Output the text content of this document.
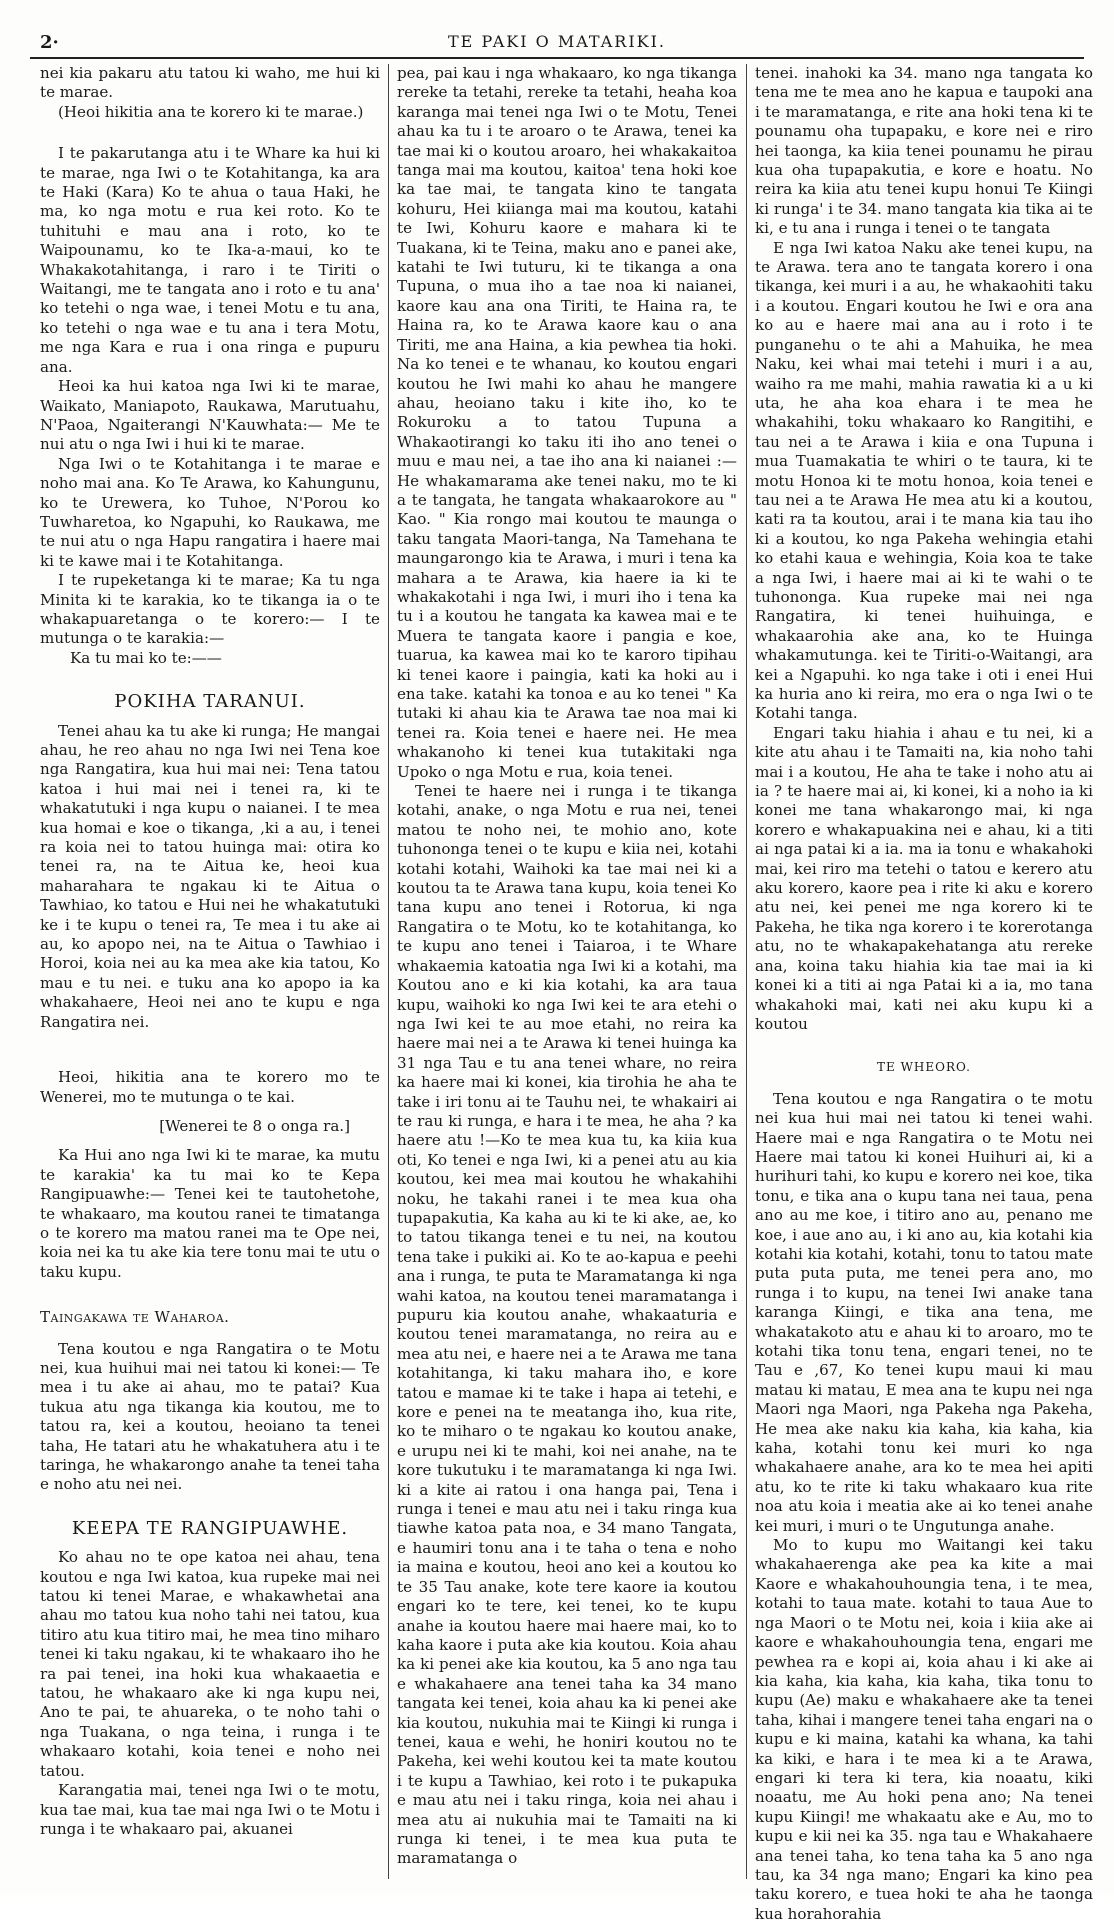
2·	TE PAKI O MATARIKI.

nei kia pakaru atu tatou ki waho, me hui ki te marae.

(Heoi hikitia ana te korero ki te marae.)

I te pakarutanga atu i te Whare ka hui ki te marae, nga Iwi o te Kotahitanga, ka ara te Haki (Kara) Ko te ahua o taua Haki, he ma, ko nga motu e rua kei roto. Ko te tuhituhi e mau ana i roto, ko te Waipounamu, ko te Ika-a-maui, ko te Whakakotahitanga, i raro i te Tiriti o Waitangi, me te tangata ano i roto e tu ana' ko tetehi o nga wae, i tenei Motu e tu ana, ko tetehi o nga wae e tu ana i tera Motu, me nga Kara e rua i ona ringa e pupuru ana.

Heoi ka hui katoa nga Iwi ki te marae, Waikato, Maniapoto, Raukawa, Marutuahu, N'Paoa, Ngaiterangi N'Kauwhata:— Me te nui atu o nga Iwi i hui ki te marae.

Nga Iwi o te Kotahitanga i te marae e noho mai ana. Ko Te Arawa, ko Kahungunu, ko te Urewera, ko Tuhoe, N'Porou ko Tuwharetoa, ko Ngapuhi, ko Raukawa, me te nui atu o nga Hapu rangatira i haere mai ki te kawe mai i te Kotahitanga.

I te rupeketanga ki te marae; Ka tu nga Minita ki te karakia, ko te tikanga ia o te whakapuaretanga o te korero:— I te mutunga o te karakia:—

Ka tu mai ko te:——

POKIHA TARANUI.

Tenei ahau ka tu ake ki runga; He mangai ahau, he reo ahau no nga Iwi nei Tena koe nga Rangatira, kua hui mai nei: Tena tatou katoa i hui mai nei i tenei ra, ki te whakatutuki i nga kupu o naianei. I te mea kua homai e koe o tikanga, ,ki a au, i tenei ra koia nei to tatou huinga mai: otira ko tenei ra, na te Aitua ke, heoi kua maharahara te ngakau ki te Aitua o Tawhiao, ko tatou e Hui nei he whakatutuki ke i te kupu o tenei ra, Te mea i tu ake ai au, ko apopo nei, na te Aitua o Tawhiao i Horoi, koia nei au ka mea ake kia tatou, Ko mau e tu nei. e tuku ana ko apopo ia ka whakahaere, Heoi nei ano te kupu e nga Rangatira nei.

Heoi, hikitia ana te korero mo te Wenerei, mo te mutunga o te kai.

[Wenerei te 8 o onga ra.]

Ka Hui ano nga Iwi ki te marae, ka mutu te karakia' ka tu mai ko te Kepa Rangipuawhe:— Tenei kei te tautohetohe, te whakaaro, ma koutou ranei te timatanga o te korero ma matou ranei ma te Ope nei, koia nei ka tu ake kia tere tonu mai te utu o taku kupu.

Taingakawa te Waharoa.

Tena koutou e nga Rangatira o te Motu nei, kua huihui mai nei tatou ki konei:— Te mea i tu ake ai ahau, mo te patai? Kua tukua atu nga tikanga kia koutou, me to tatou ra, kei a koutou, heoiano ta tenei taha, He tatari atu he whakatuhera atu i te taringa, he whakarongo anahe ta tenei taha e noho atu nei nei.

KEEPA TE RANGIPUAWHE.

Ko ahau no te ope katoa nei ahau, tena koutou e nga Iwi katoa, kua rupeke mai nei tatou ki tenei Marae, e whakawhetai ana ahau mo tatou kua noho tahi nei tatou, kua titiro atu kua titiro mai, he mea tino miharo tenei ki taku ngakau, ki te whakaaro iho he ra pai tenei, ina hoki kua whakaaetia e tatou, he whakaaro ake ki nga kupu nei, Ano te pai, te ahuareka, o te noho tahi o nga Tuakana, o nga teina, i runga i te whakaaro kotahi, koia tenei e noho nei tatou.

Karangatia mai, tenei nga Iwi o te motu, kua tae mai, kua tae mai nga Iwi o te Motu i runga i te whakaaro pai, akuanei

pea, pai kau i nga whakaaro, ko nga tikanga rereke ta tetahi, rereke ta tetahi, heaha koa karanga mai tenei nga Iwi o te Motu, Tenei ahau ka tu i te aroaro o te Arawa, tenei ka tae mai ki o koutou aroaro, hei whakakaitoa tanga mai ma koutou, kaitoa' tena hoki koe ka tae mai, te tangata kino te tangata kohuru, Hei kiianga mai ma koutou, katahi te Iwi, Kohuru kaore e mahara ki te Tuakana, ki te Teina, maku ano e panei ake, katahi te Iwi tuturu, ki te tikanga a ona Tupuna, o mua iho a tae noa ki naianei, kaore kau ana ona Tiriti, te Haina ra, te Haina ra, ko te Arawa kaore kau o ana Tiriti, me ana Haina, a kia pewhea tia hoki. Na ko tenei e te whanau, ko koutou engari koutou he Iwi mahi ko ahau he mangere ahau, heoiano taku i kite iho, ko te Rokuroku a to tatou Tupuna a Whakaotirangi ko taku iti iho ano tenei o muu e mau nei, a tae iho ana ki naianei :— He whakamarama ake tenei naku, mo te ki a te tangata, he tangata whakaarokore au " Kao. " Kia rongo mai koutou te maunga o taku tangata Maori-tanga, Na Tamehana te maungarongo kia te Arawa, i muri i tena ka mahara a te Arawa, kia haere ia ki te whakakotahi i nga Iwi, i muri iho i tena ka tu i a koutou he tangata ka kawea mai e te Muera te tangata kaore i pangia e koe, tuarua, ka kawea mai ko te karoro tipihau ki tenei kaore i paingia, kati ka hoki au i ena take. katahi ka tonoa e au ko tenei " Ka tutaki ki ahau kia te Arawa tae noa mai ki tenei ra. Koia tenei e haere nei. He mea whakanoho ki tenei kua tutakitaki nga Upoko o nga Motu e rua, koia tenei.

Tenei te haere nei i runga i te tikanga kotahi, anake, o nga Motu e rua nei, tenei matou te noho nei, te mohio ano, kote tuhononga tenei o te kupu e kiia nei, kotahi kotahi kotahi, Waihoki ka tae mai nei ki a koutou ta te Arawa tana kupu, koia tenei Ko tana kupu ano tenei i Rotorua, ki nga Rangatira o te Motu, ko te kotahitanga, ko te kupu ano tenei i Taiaroa, i te Whare whakaemia katoatia nga Iwi ki a kotahi, ma Koutou ano e ki kia kotahi, ka ara taua kupu, waihoki ko nga Iwi kei te ara etehi o nga Iwi kei te au moe etahi, no reira ka haere mai nei a te Arawa ki tenei huinga ka 31 nga Tau e tu ana tenei whare, no reira ka haere mai ki konei, kia tirohia he aha te take i iri tonu ai te Tauhu nei, te whakairi ai te rau ki runga, e hara i te mea, he aha ? ka haere atu !—Ko te mea kua tu, ka kiia kua oti, Ko tenei e nga Iwi, ki a penei atu au kia koutou, kei mea mai koutou he whakahihi noku, he takahi ranei i te mea kua oha tupapakutia, Ka kaha au ki te ki ake, ae, ko to tatou tikanga tenei e tu nei, na koutou tena take i pukiki ai. Ko te ao-kapua e peehi ana i runga, te puta te Maramatanga ki nga wahi katoa, na koutou tenei maramatanga i pupuru kia koutou anahe, whakaaturia e koutou tenei maramatanga, no reira au e mea atu nei, e haere nei a te Arawa me tana kotahitanga, ki taku mahara iho, e kore tatou e mamae ki te take i hapa ai tetehi, e kore e penei na te meatanga iho, kua rite, ko te miharo o te ngakau ko koutou anake, e urupu nei ki te mahi, koi nei anahe, na te kore tukutuku i te maramatanga ki nga Iwi. ki a kite ai ratou i ona hanga pai, Tena i runga i tenei e mau atu nei i taku ringa kua tiawhe katoa pata noa, e 34 mano Tangata, e haumiri tonu ana i te taha o tena e noho ia maina e koutou, heoi ano kei a koutou ko te 35 Tau anake, kote tere kaore ia koutou engari ko te tere, kei tenei, ko te kupu anahe ia koutou haere mai haere mai, ko to kaha kaore i puta ake kia koutou. Koia ahau ka ki penei ake kia koutou, ka 5 ano nga tau e whakahaere ana tenei taha ka 34 mano tangata kei tenei, koia ahau ka ki penei ake kia koutou, nukuhia mai te Kiingi ki runga i tenei, kaua e wehi, he honiri koutou no te Pakeha, kei wehi koutou kei ta mate koutou i te kupu a Tawhiao, kei roto i te pukapuka e mau atu nei i taku ringa, koia nei ahau i mea atu ai nukuhia mai te Tamaiti na ki runga ki tenei, i te mea kua puta te maramatanga o

tenei. inahoki ka 34. mano nga tangata ko tena me te mea ano he kapua e taupoki ana i te maramatanga, e rite ana hoki tena ki te pounamu oha tupapaku, e kore nei e riro hei taonga, ka kiia tenei pounamu he pirau kua oha tupapakutia, e kore e hoatu. No reira ka kiia atu tenei kupu honui Te Kiingi ki runga' i te 34. mano tangata kia tika ai te ki, e tu ana i runga i tenei o te tangata

E nga Iwi katoa Naku ake tenei kupu, na te Arawa. tera ano te tangata korero i ona tikanga, kei muri i a au, he whakaohiti taku i a koutou. Engari koutou he Iwi e ora ana ko au e haere mai ana au i roto i te punganehu o te ahi a Mahuika, he mea Naku, kei whai mai tetehi i muri i a au, waiho ra me mahi, mahia rawatia ki a u ki uta, he aha koa ehara i te mea he whakahihi, toku whakaaro ko Rangitihi, e tau nei a te Arawa i kiia e ona Tupuna i mua Tuamakatia te whiri o te taura, ki te motu Honoa ki te motu honoa, koia tenei e tau nei a te Arawa He mea atu ki a koutou, kati ra ta koutou, arai i te mana kia tau iho ki a koutou, ko nga Pakeha wehingia etahi ko etahi kaua e wehingia, Koia koa te take a nga Iwi, i haere mai ai ki te wahi o te tuhononga. Kua rupeke mai nei nga Rangatira, ki tenei huihuinga, e whakaarohia ake ana, ko te Huinga whakamutunga. kei te Tiriti-o-Waitangi, ara kei a Ngapuhi. ko nga take i oti i enei Hui ka huria ano ki reira, mo era o nga Iwi o te Kotahi tanga.

Engari taku hiahia i ahau e tu nei, ki a kite atu ahau i te Tamaiti na, kia noho tahi mai i a koutou, He aha te take i noho atu ai ia ? te haere mai ai, ki konei, ki a noho ia ki konei me tana whakarongo mai, ki nga korero e whakapuakina nei e ahau, ki a titi ai nga patai ki a ia. ma ia tonu e whakahoki mai, kei riro ma tetehi o tatou e kerero atu aku korero, kaore pea i rite ki aku e korero atu nei, kei penei me nga korero ki te Pakeha, he tika nga korero i te korerotanga atu, no te whakapakehatanga atu rereke ana, koina taku hiahia kia tae mai ia ki konei ki a titi ai nga Patai ki a ia, mo tana whakahoki mai, kati nei aku kupu ki a koutou

TE WHEORO.

Tena koutou e nga Rangatira o te motu nei kua hui mai nei tatou ki tenei wahi. Haere mai e nga Rangatira o te Motu nei Haere mai tatou ki konei Huihuri ai, ki a hurihuri tahi, ko kupu e korero nei koe, tika tonu, e tika ana o kupu tana nei taua, pena ano au me koe, i titiro ano au, penano me koe, i aue ano au, i ki ano au, kia kotahi kia kotahi kia kotahi, kotahi, tonu to tatou mate puta puta puta, me tenei pera ano, mo runga i to kupu, na tenei Iwi anake tana karanga Kiingi, e tika ana tena, me whakatakoto atu e ahau ki to aroaro, mo te kotahi tika tonu tena, engari tenei, no te Tau e ,67, Ko tenei kupu maui ki mau matau ki matau, E mea ana te kupu nei nga Maori nga Maori, nga Pakeha nga Pakeha, He mea ake naku kia kaha, kia kaha, kia kaha, kotahi tonu kei muri ko nga whakahaere anahe, ara ko te mea hei apiti atu, ko te rite ki taku whakaaro kua rite noa atu koia i meatia ake ai ko tenei anahe kei muri, i muri o te Ungutunga anahe.

Mo to kupu mo Waitangi kei taku whakahaerenga ake pea ka kite a mai Kaore e whakahouhoungia tena, i te mea, kotahi to taua mate. kotahi to taua Aue to nga Maori o te Motu nei, koia i kiia ake ai kaore e whakahouhoungia tena, engari me pewhea ra e kopi ai, koia ahau i ki ake ai kia kaha, kia kaha, kia kaha, tika tonu to kupu (Ae) maku e whakahaere ake ta tenei taha, kihai i mangere tenei taha engari na o kupu e ki maina, katahi ka whana, ka tahi ka kiki, e hara i te mea ki a te Arawa, engari ki tera ki tera, kia noaatu, kiki noaatu, me Au hoki pena ano; Na tenei kupu Kiingi! me whakaatu ake e Au, mo to kupu e kii nei ka 35. nga tau e Whakahaere ana tenei taha, ko tena taha ka 5 ano nga tau, ka 34 nga mano; Engari ka kino pea taku korero, e tuea hoki te aha he taonga kua horahorahia
